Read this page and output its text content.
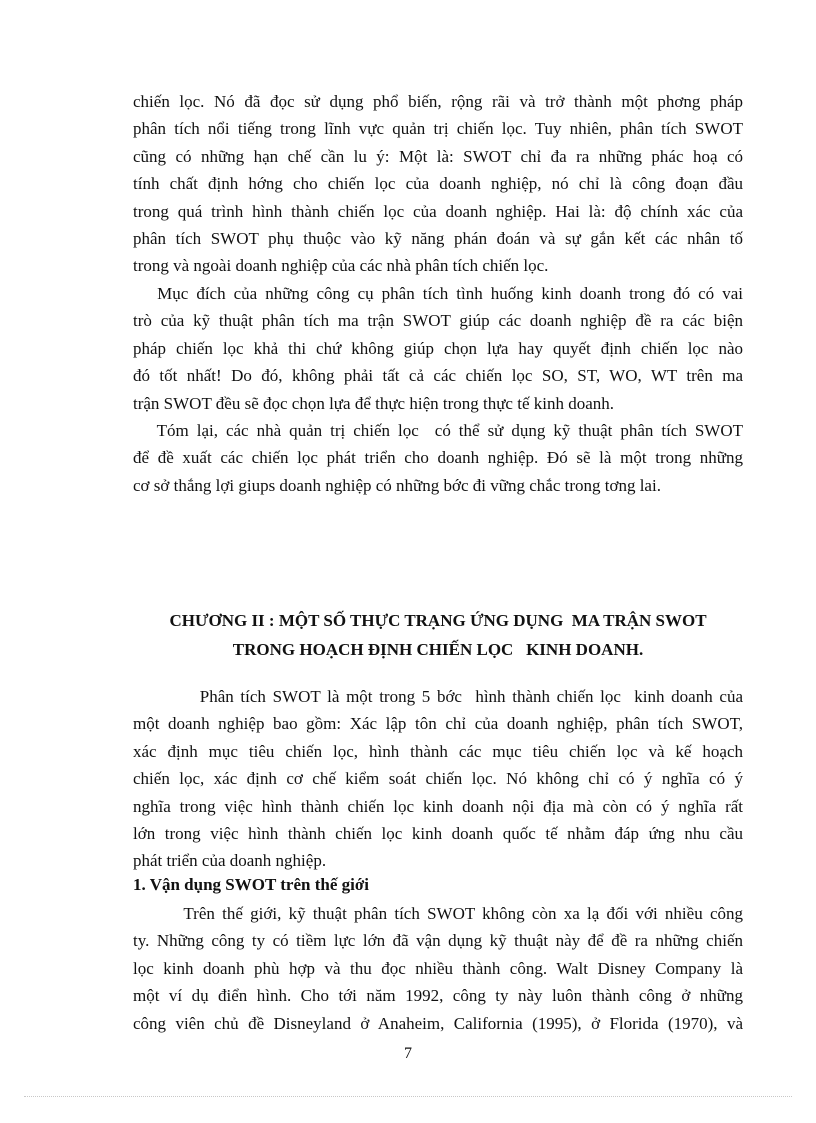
chiến lọc. Nó đã đọc sử dụng phổ biến, rộng rãi và trở thành một phơng pháp
phân tích nổi tiếng trong lĩnh vực quản trị chiến lọc. Tuy nhiên, phân tích SWOT
cũng có những hạn chế cần lu ý: Một là: SWOT chỉ đa ra những phác hoạ có
tính chất định hớng cho chiến lọc của doanh nghiệp, nó chỉ là công đoạn đầu
trong quá trình hình thành chiến lọc của doanh nghiệp. Hai là: độ chính xác của
phân tích SWOT phụ thuộc vào kỹ năng phán đoán và sự gắn kết các nhân tố
trong và ngoài doanh nghiệp của các nhà phân tích chiến lọc.
Mục đích của những công cụ phân tích tình huống kinh doanh trong đó có vai
trò của kỹ thuật phân tích ma trận SWOT giúp các doanh nghiệp đề ra các biện
pháp chiến lọc khả thi chứ không giúp chọn lựa hay quyết định chiến lọc nào
đó tốt nhất! Do đó, không phải tất cả các chiến lọc SO, ST, WO, WT trên ma
trận SWOT đều sẽ đọc chọn lựa để thực hiện trong thực tế kinh doanh.
Tóm lại, các nhà quản trị chiến lọc  có thể sử dụng kỹ thuật phân tích SWOT
để đề xuất các chiến lọc phát triển cho doanh nghiệp. Đó sẽ là một trong những
cơ sở thắng lợi giups doanh nghiệp có những bớc đi vững chắc trong tơng lai.
CHƯƠNG II : MỘT SỐ THỰC TRẠNG ỨNG DỤNG  MA TRẬN SWOT
TRONG HOẠCH ĐỊNH CHIẾN LỌC   KINH DOANH.
Phân tích SWOT là một trong 5 bớc  hình thành chiến lọc  kinh doanh của
một doanh nghiệp bao gồm: Xác lập tôn chỉ của doanh nghiệp, phân tích SWOT,
xác định mục tiêu chiến lọc, hình thành các mục tiêu chiến lọc và kế hoạch
chiến lọc, xác định cơ chế kiểm soát chiến lọc. Nó không chỉ có ý nghĩa có ý
nghĩa trong việc hình thành chiến lọc kinh doanh nội địa mà còn có ý nghĩa rất
lớn trong việc hình thành chiến lọc kinh doanh quốc tế nhằm đáp ứng nhu cầu
phát triển của doanh nghiệp.
1. Vận dụng SWOT trên thế giới
Trên thế giới, kỹ thuật phân tích SWOT không còn xa lạ đối với nhiều công
ty. Những công ty có tiềm lực lớn đã vận dụng kỹ thuật này để đề ra những chiến
lọc kinh doanh phù hợp và thu đọc nhiều thành công. Walt Disney Company là
một ví dụ điển hình. Cho tới năm 1992, công ty này luôn thành công ở những
công viên chủ đề Disneyland ở Anaheim, California (1995), ở Florida (1970), và
7
